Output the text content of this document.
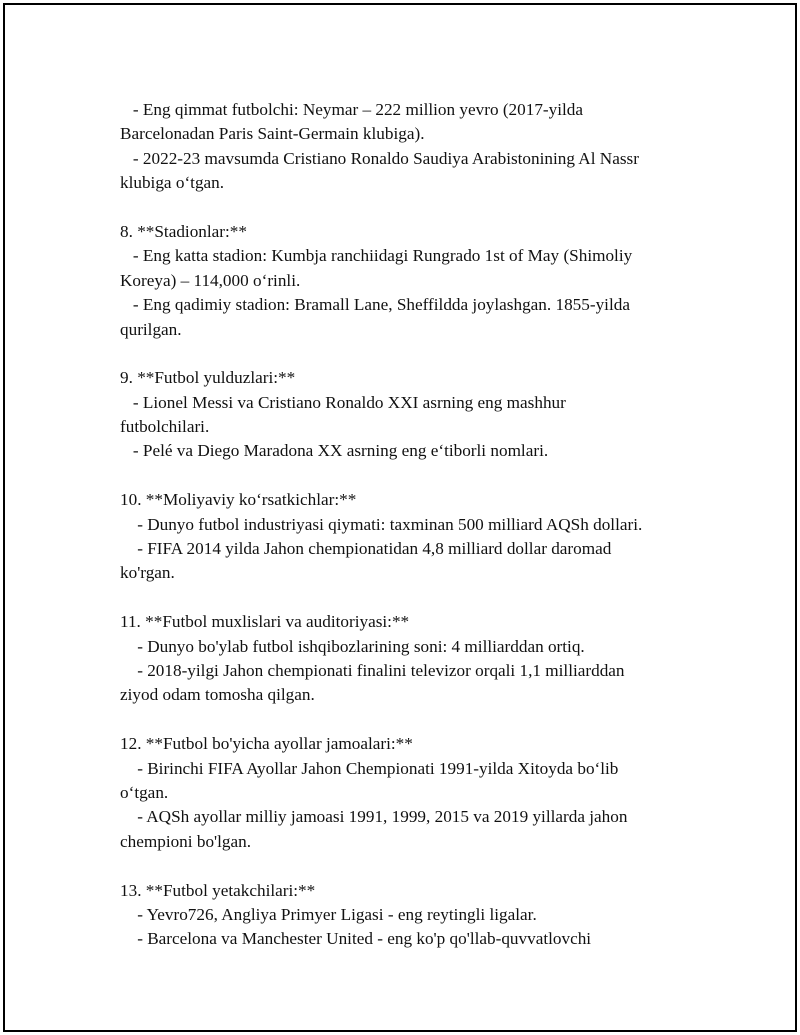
- Eng qimmat futbolchi: Neymar – 222 million yevro (2017-yilda
Barcelonadan Paris Saint-Germain klubiga).
- 2022-23 mavsumda Cristiano Ronaldo Saudiya Arabistonining Al Nassr
klubiga o‘tgan.
8. **Stadionlar:**
- Eng katta stadion: Kumbja ranchiidagi Rungrado 1st of May (Shimoliy
Koreya) – 114,000 o‘rinli.
- Eng qadimiy stadion: Bramall Lane, Sheffildda joylashgan. 1855-yilda
qurilgan.
9. **Futbol yulduzlari:**
- Lionel Messi va Cristiano Ronaldo XXI asrning eng mashhur
futbolchilari.
- Pelé va Diego Maradona XX asrning eng e‘tiborli nomlari.
10. **Moliyaviy ko‘rsatkichlar:**
- Dunyo futbol industriyasi qiymati: taxminan 500 milliard AQSh dollari.
- FIFA 2014 yilda Jahon chempionatidan 4,8 milliard dollar daromad
ko'rgan.
11. **Futbol muxlislari va auditoriyasi:**
- Dunyo bo'ylab futbol ishqibozlarining soni: 4 milliarddan ortiq.
- 2018-yilgi Jahon chempionati finalini televizor orqali 1,1 milliarddan
ziyod odam tomosha qilgan.
12. **Futbol bo'yicha ayollar jamoalari:**
- Birinchi FIFA Ayollar Jahon Chempionati 1991-yilda Xitoyda bo‘lib
o‘tgan.
- AQSh ayollar milliy jamoasi 1991, 1999, 2015 va 2019 yillarda jahon
chempioni bo'lgan.
13. **Futbol yetakchilari:**
- Yevro726, Angliya Primyer Ligasi - eng reytingli ligalar.
- Barcelona va Manchester United - eng ko'p qo'llab-quvvatlovchi
